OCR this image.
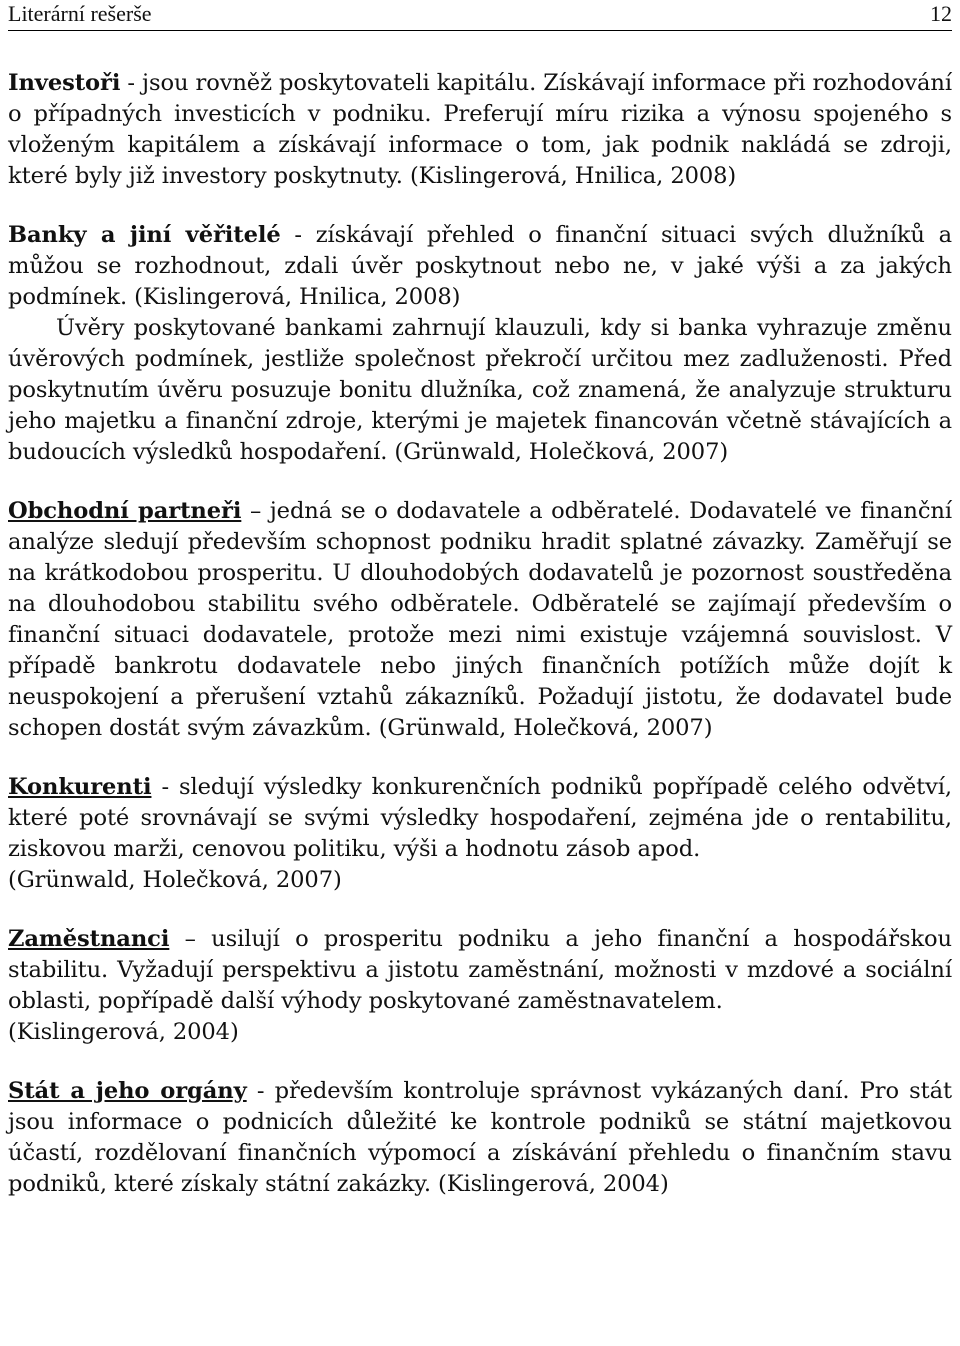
Literární rešerše	12

Investoři - jsou rovněž poskytovateli kapitálu. Získávají informace při rozhodování o případných investicích v podniku. Preferují míru rizika a výnosu spojeného s vloženým kapitálem a získávají informace o tom, jak podnik nakládá se zdroji, které byly již investory poskytnuty. (Kislingerová, Hnilica, 2008)

Banky a jiní věřitelé - získávají přehled o finanční situaci svých dlužníků a můžou se rozhodnout, zdali úvěr poskytnout nebo ne, v jaké výši a za jakých podmínek. (Kislingerová, Hnilica, 2008)

Úvěry poskytované bankami zahrnují klauzuli, kdy si banka vyhrazuje změnu úvěrových podmínek, jestliže společnost překročí určitou mez zadluženosti. Před poskytnutím úvěru posuzuje bonitu dlužníka, což znamená, že analyzuje strukturu jeho majetku a finanční zdroje, kterými je majetek financován včetně stávajících a budoucích výsledků hospodaření. (Grünwald, Holečková, 2007)

Obchodní partneři – jedná se o dodavatele a odběratelé. Dodavatelé ve finanční analýze sledují především schopnost podniku hradit splatné závazky. Zaměřují se na krátkodobou prosperitu. U dlouhodobých dodavatelů je pozornost soustředěna na dlouhodobou stabilitu svého odběratele. Odběratelé se zajímají především o finanční situaci dodavatele, protože mezi nimi existuje vzájemná souvislost. V případě bankrotu dodavatele nebo jiných finančních potížích může dojít k neuspokojení a přerušení vztahů zákazníků. Požadují jistotu, že dodavatel bude schopen dostát svým závazkům. (Grünwald, Holečková, 2007)

Konkurenti - sledují výsledky konkurenčních podniků popřípadě celého odvětví, které poté srovnávají se svými výsledky hospodaření, zejména jde o rentabilitu, ziskovou marži, cenovou politiku, výši a hodnotu zásob apod.

(Grünwald, Holečková, 2007)

Zaměstnanci – usilují o prosperitu podniku a jeho finanční a hospodářskou stabilitu. Vyžadují perspektivu a jistotu zaměstnání, možnosti v mzdové a sociální oblasti, popřípadě další výhody poskytované zaměstnavatelem.

(Kislingerová, 2004)

Stát a jeho orgány - především kontroluje správnost vykázaných daní. Pro stát jsou informace o podnicích důležité ke kontrole podniků se státní majetkovou účastí, rozdělovaní finančních výpomocí a získávání přehledu o finančním stavu podniků, které získaly státní zakázky. (Kislingerová, 2004)
